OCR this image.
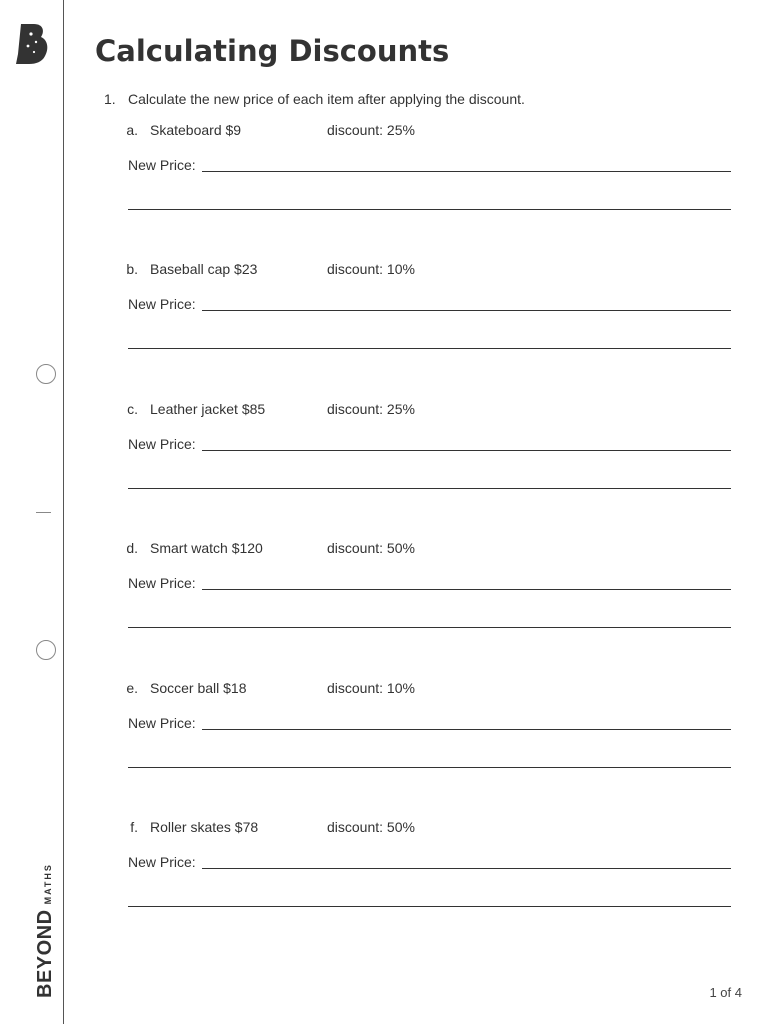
BEYOND
MATHS
Calculating Discounts
1. Calculate the new price of each item after applying the discount.
a. Skateboard $9	discount: 25%
New Price:
b. Baseball cap $23	discount: 10%
New Price:
c. Leather jacket $85	discount: 25%
New Price:
d. Smart watch $120	discount: 50%
New Price:
e. Soccer ball $18	discount: 10%
New Price:
f. Roller skates $78	discount: 50%
New Price:
1 of 4
